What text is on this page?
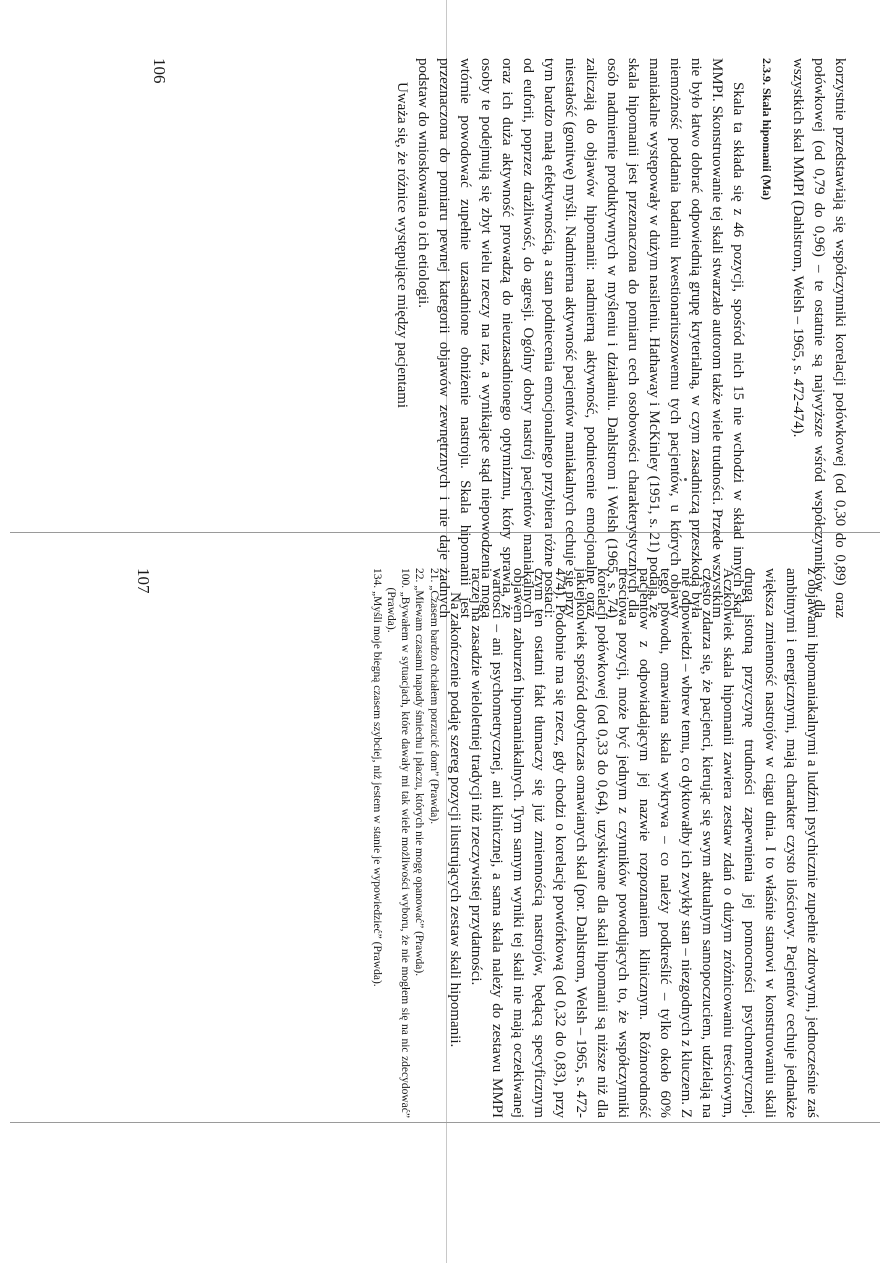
korzystnie przedstawiają się współczynniki korelacji połówkowej (od 0,30 do 0,89) oraz połówkowej (od 0,79 do 0,96) – te ostatnie są najwyższe wśród współczynników dla wszystkich skal MMPI (Dahlstrom, Welsh – 1965, s. 472-474).

2.3.9. Skala hipomanii (Ma)

Skala ta składa się z 46 pozycji, spośród nich 15 nie wchodzi w skład innych skal MMPI. Skonstruowanie tej skali stwarzało autorom także wiele trudności. Przede wszystkim nie było łatwo dobrać odpowiednią grupę kryterialną, w czym zasadniczą przeszkodą była niemożność poddania badaniu kwestionariuszowemu tych pacjentów, u których objawy maniakalne występowały w dużym nasileniu. Hathaway i McKinley (1951, s. 21) podają, że skala hipomanii jest przeznaczona do pomiaru cech osobowości charakterystycznych dla osób nadmiernie produktywnych w myśleniu i działaniu. Dahlstrom i Welsh (1965, s. 74) zaliczają do objawów hipomanii: nadmierną aktywność, podniecenie emocjonalne oraz niestałość (gonitwę) myśli. Nadmierna aktywność pacjentów maniakalnych cechuje się przy tym bardzo małą efektywnością, a stan podniecenia emocjonalnego przybiera różne postaci: od euforii, poprzez drażliwość, do agresji. Ogólny dobry nastrój pacjentów maniakalnych oraz ich duża aktywność prowadzą do nieuzasadnionego optymizmu, który sprawia, że osoby te podejmują się zbyt wielu rzeczy na raz, a wynikające stąd niepowodzenia mogą wtórnie powodować zupełnie uzasadnione obniżenie nastroju. Skala hipomanii jest przeznaczona do pomiaru pewnej kategorii objawów zewnętrznych i nie daje żadnych podstaw do wnioskowania o ich etiologii.

Uważa się, że różnice występujące między pacjentami

106

z objawami hipomaniakalnymi a ludźmi psychicznie zupełnie zdrowymi, jednocześnie zaś ambitnymi i energicznymi, mają charakter czysto ilościowy. Pacjentów cechuje jednakże większa zmienność nastrojów w ciągu dnia. I to właśnie stanowi w konstruowaniu skali drugą istotną przyczynę trudności zapewnienia jej pomocności psychometrycznej. Aczkolwiek skala hipomanii zawiera zestaw zdań o dużym zróżnicowaniu treściowym, często zdarza się, że pacjenci, kierując się swym aktualnym samopoczuciem, udzielają na nie odpowiedzi – wbrew temu, co dyktowałby ich zwykły stan – niezgodnych z kluczem. Z tego powodu, omawiana skala wykrywa – co należy podkreślić – tylko około 60% pacjentów z odpowiadającym jej nazwie rozpoznaniem klinicznym. Różnorodność treściowa pozycji, może być jednym z czynników powodujących to, że współczynniki korelacji połówkowej (od 0,33 do 0,64), uzyskiwane dla skali hipomanii są niższe niż dla jakiejkolwiek spośród dotychczas omawianych skal (por. Dahlstrom, Welsh – 1965, s. 472-474). Podobnie ma się rzecz, gdy chodzi o korelację powtórkową (od 0,32 do 0,83), przy czym ten ostatni fakt tłumaczy się już zmiennością nastrojów, będącą specyficznym objawem zaburzeń hipomaniakalnych. Tym samym wyniki tej skali nie mają oczekiwanej wartości – ani psychometrycznej, ani klinicznej, a sama skala należy do zestawu MMPI raczej na zasadzie wieloletniej tradycji niż rzeczywistej przydatności.

Na zakończenie podaję szereg pozycji ilustrujących zestaw skali hipomanii.

21. „Czasem bardzo chciałem porzucić dom” (Prawda).
22. „Miewam czasami napady śmiechu i płaczu, których nie mogę opanować” (Prawda).
100. „Bywałem w sytuacjach, które dawały mi tak wiele możliwości wyboru, że nie mogłem się na nic zdecydować” (Prawda).
134. „Myśli moje biegną czasem szybciej, niż jestem w stanie je wypowiedzieć” (Prawda).
107
